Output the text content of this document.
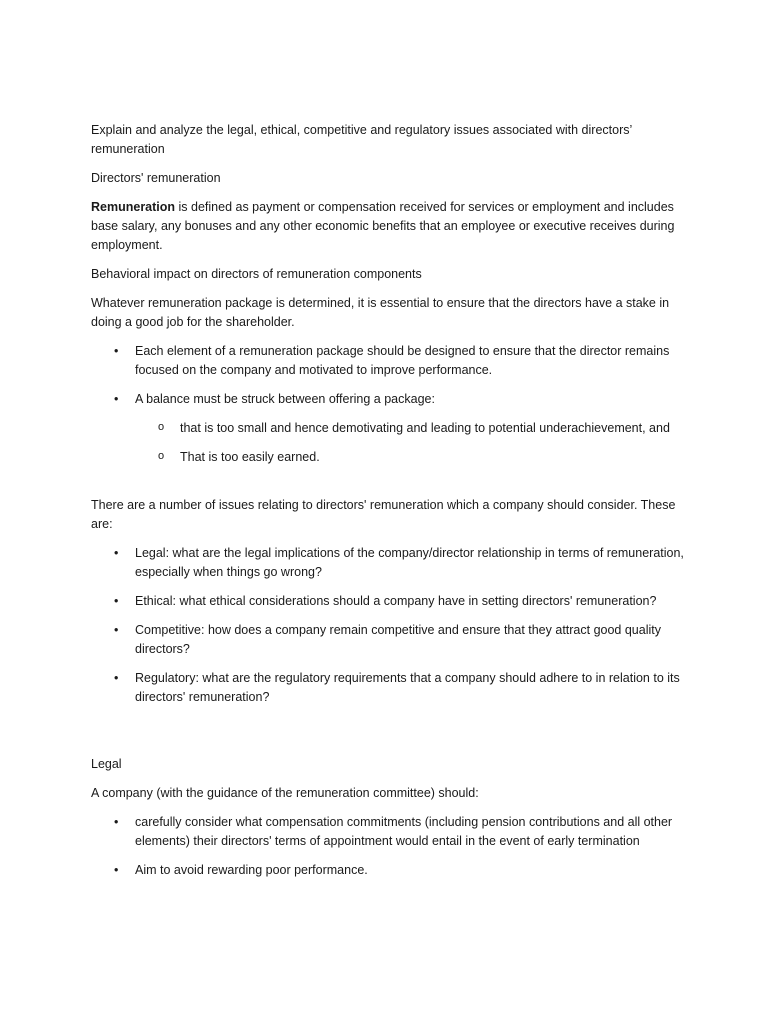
Explain and analyze the legal, ethical, competitive and regulatory issues associated with directors’ remuneration

Directors' remuneration

Remuneration is defined as payment or compensation received for services or employment and includes base salary, any bonuses and any other economic benefits that an employee or executive receives during employment.

Behavioral impact on directors of remuneration components

Whatever remuneration package is determined, it is essential to ensure that the directors have a stake in doing a good job for the shareholder.

• Each element of a remuneration package should be designed to ensure that the director remains focused on the company and motivated to improve performance.
• A balance must be struck between offering a package:
o that is too small and hence demotivating and leading to potential underachievement, and
o That is too easily earned.

There are a number of issues relating to directors' remuneration which a company should consider. These are:

• Legal: what are the legal implications of the company/director relationship in terms of remuneration, especially when things go wrong?
• Ethical: what ethical considerations should a company have in setting directors' remuneration?
• Competitive: how does a company remain competitive and ensure that they attract good quality directors?
• Regulatory: what are the regulatory requirements that a company should adhere to in relation to its directors' remuneration?

Legal

A company (with the guidance of the remuneration committee) should:

• carefully consider what compensation commitments (including pension contributions and all other elements) their directors' terms of appointment would entail in the event of early termination
• Aim to avoid rewarding poor performance.
